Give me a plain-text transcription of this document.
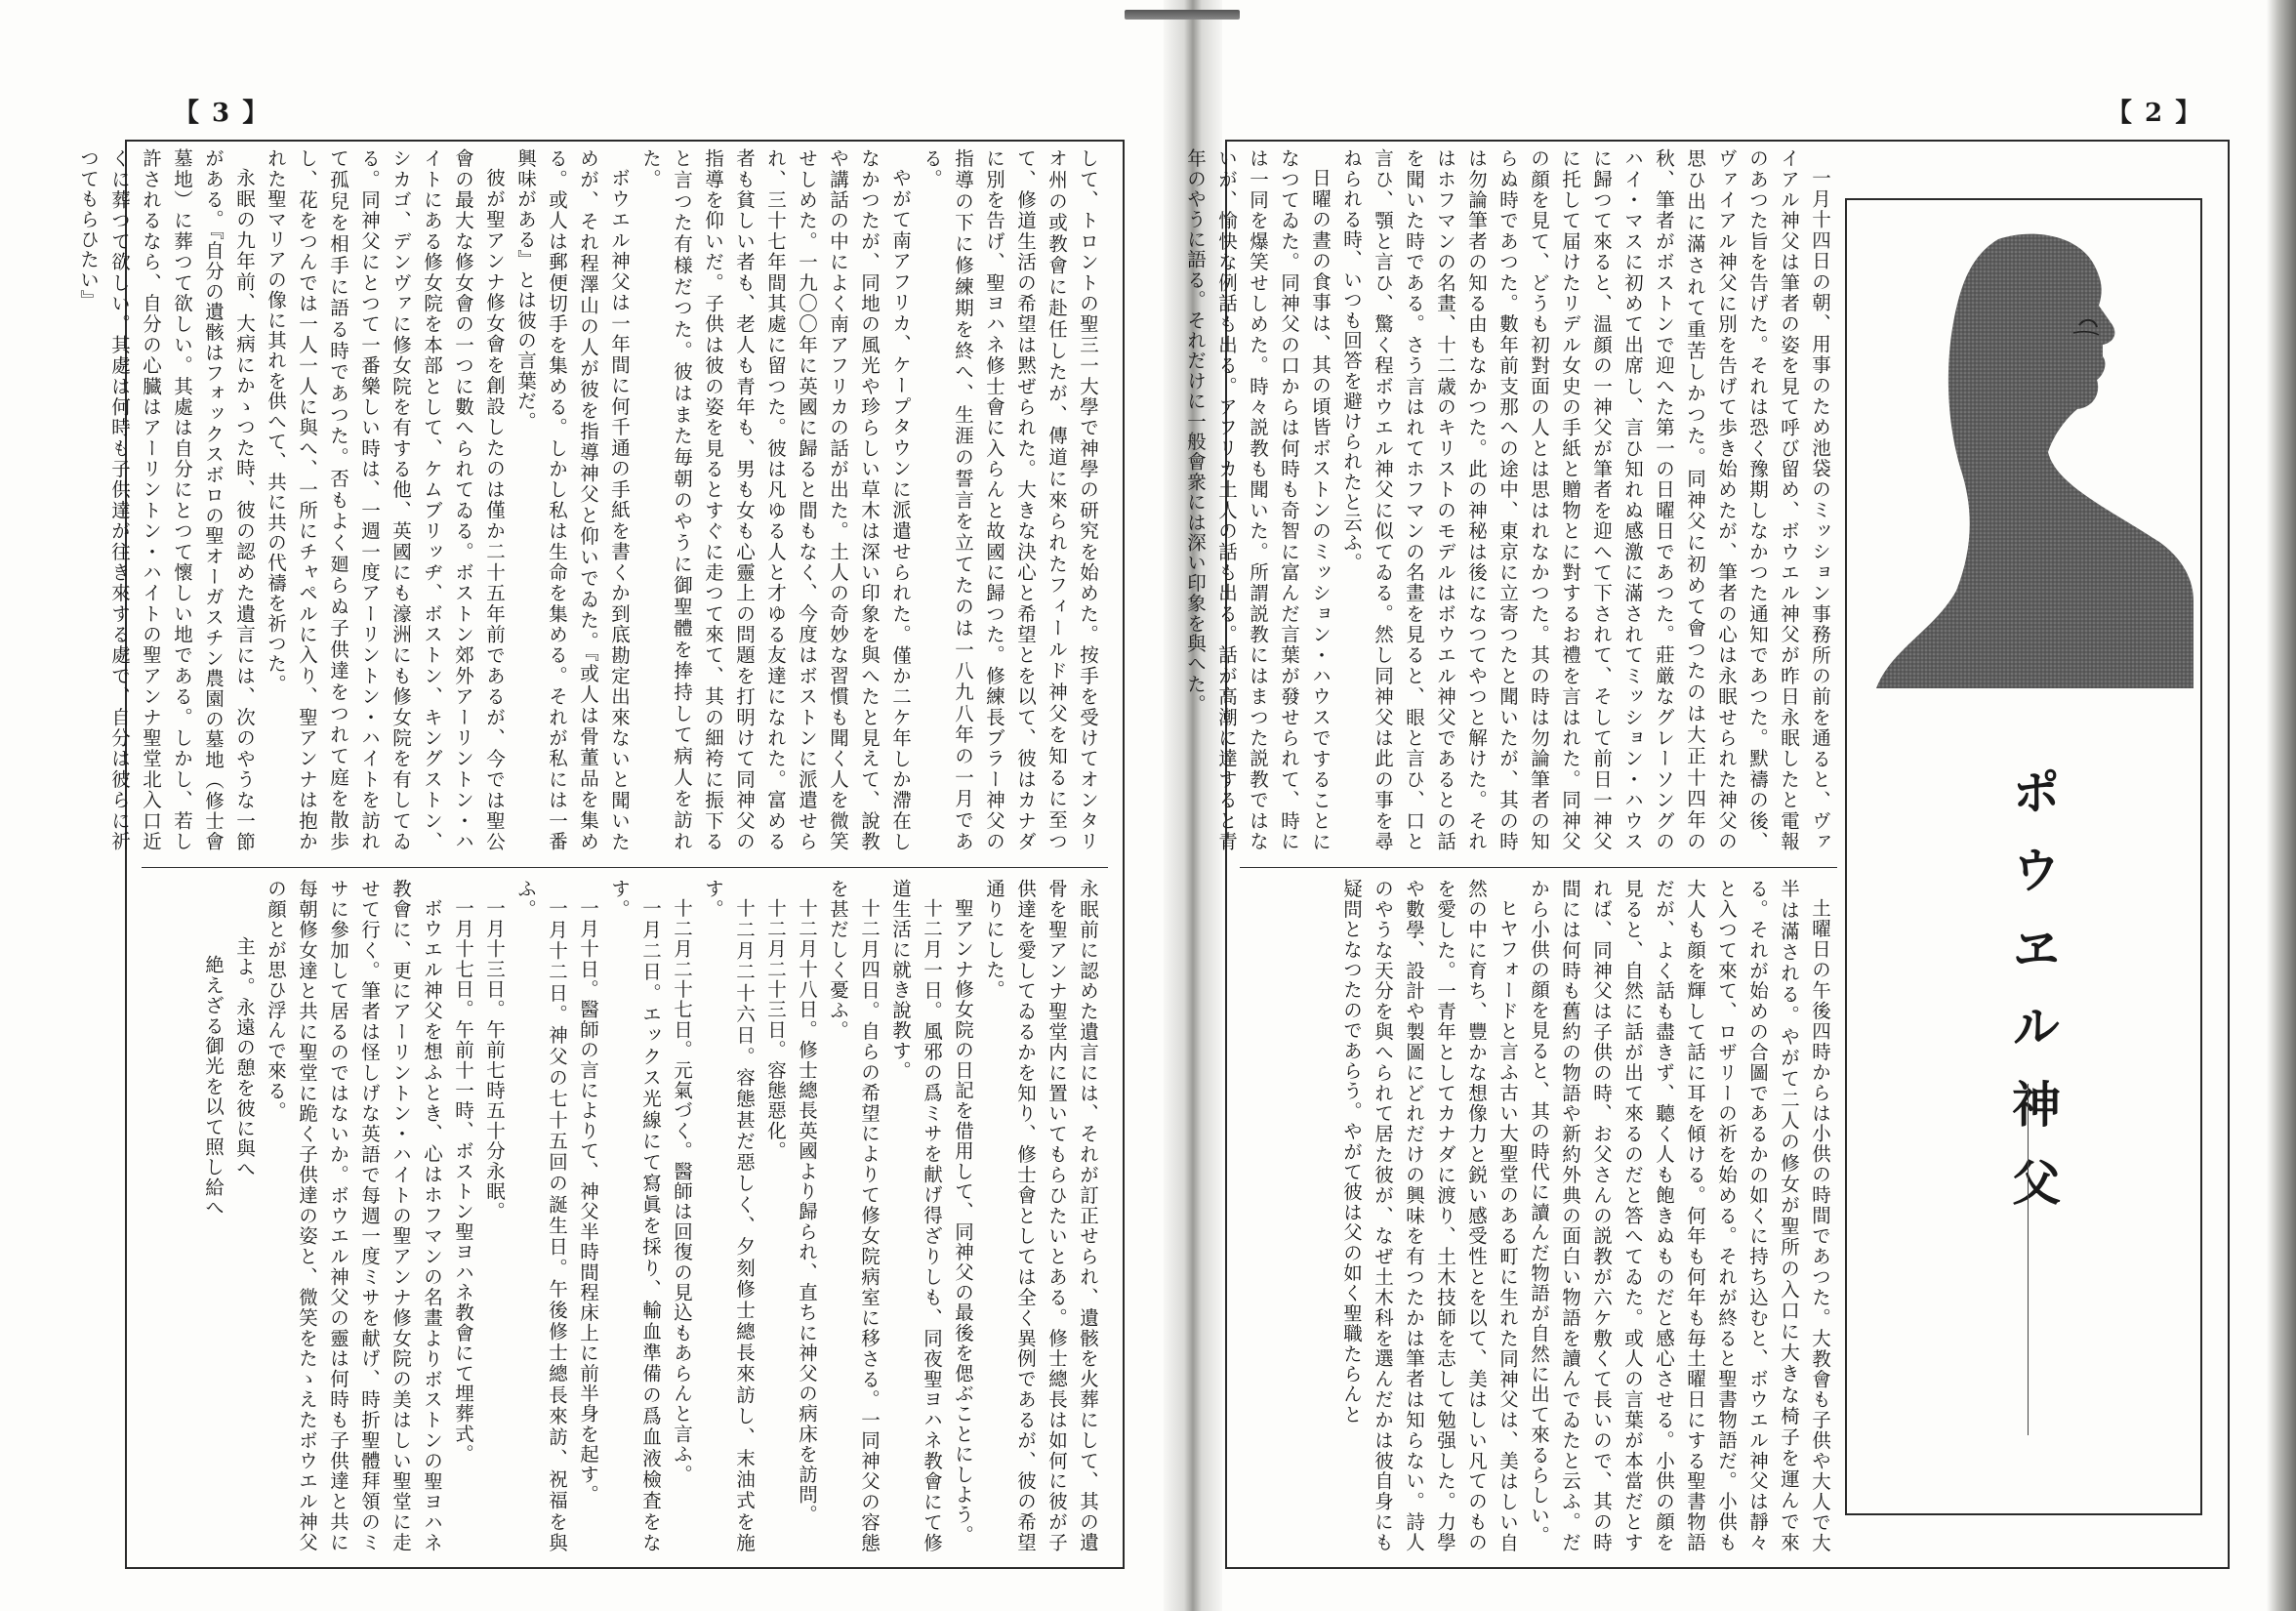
【 3 】

して、トロントの聖三一大學で神學の研究を始めた。按手を受けてオンタリオ州の或教會に赴任したが、傳道に來られたフィールド神父を知るに至つて、修道生活の希望は黙ぜられた。大きな決心と希望とを以て、彼はカナダに別を告げ、聖ヨハネ修士會に入らんと故國に歸つた。修練長ブラー神父の指導の下に修練期を終へ、生涯の誓言を立てたのは一八九八年の一月である。

やがて南アフリカ、ケープタウンに派遣せられた。僅か二ケ年しか滯在しなかつたが、同地の風光や珍らしい草木は深い印象を與へたと見えて、說教や講話の中によく南アフリカの話が出た。土人の奇妙な習慣も聞く人を微笑せしめた。一九〇〇年に英國に歸ると間もなく、今度はボストンに派遣せられ、三十七年間其處に留つた。彼は凡ゆる人と才ゆる友達になれた。富める者も貧しい者も、老人も青年も、男も女も心靈上の問題を打明けて同神父の指導を仰いだ。子供は彼の姿を見るとすぐに走つて來て、其の細袴に振下ると言つた有様だつた。彼はまた毎朝のやうに御聖體を捧持して病人を訪れた。

ボウエル神父は一年間に何千通の手紙を書くか到底勘定出來ないと聞いためが、それ程澤山の人が彼を指導神父と仰いでゐた。『或人は骨董品を集める。或人は郵便切手を集める。しかし私は生命を集める。それが私には一番興味がある』とは彼の言葉だ。

彼が聖アンナ修女會を創設したのは僅か二十五年前であるが、今では聖公會の最大な修女會の一つに數へられてゐる。ボストン郊外アーリントン・ハイトにある修女院を本部として、ケムブリッヂ、ボストン、キングストン、シカゴ、デンヴァに修女院を有する他、英國にも濠洲にも修女院を有してゐる。同神父にとつて一番樂しい時は、一週一度アーリントン・ハイトを訪れて孤兒を相手に語る時であつた。否もよく廻らぬ子供達をつれて庭を散歩し、花をつんでは一人一人に與へ、一所にチャペルに入り、聖アンナは抱かれた聖マリアの像に其れを供へて、共に共の代禱を祈つた。

永眠の九年前、大病にかゝつた時、彼の認めた遺言には、次のやうな一節がある。『自分の遺骸はフォックスボロの聖オーガスチン農園の墓地（修士會墓地）に葬つて欲しい。其處は自分にとつて懷しい地である。しかし、若し許されるなら、自分の心臓はアーリントン・ハイトの聖アンナ聖堂北入口近くに葬つて欲しい。其處は何時も子供達が往き來する處で、自分は彼らに祈つてもらひたい』

永眠前に認めた遺言には、それが訂正せられ、遺骸を火葬にして、其の遺骨を聖アンナ聖堂内に置いてもらひたいとある。修士總長は如何に彼が子供達を愛してゐるかを知り、修士會としては全く異例であるが、彼の希望通りにした。

聖アンナ修女院の日記を借用して、同神父の最後を偲ぶことにしよう。

十二月一日。風邪の爲ミサを献げ得ざりしも、同夜聖ヨハネ教會にて修道生活に就き說教す。

十二月四日。自らの希望によりて修女院病室に移さる。一同神父の容態を甚だしく憂ふ。

十二月十八日。修士總長英國より歸られ、直ちに神父の病床を訪問。

十二月二十三日。容態惡化。

十二月二十六日。容態甚だ惡しく、夕刻修士總長來訪し、末油式を施す。

十二月二十七日。元氣づく。醫師は回復の見込もあらんと言ふ。

一月二日。エックス光線にて寫眞を採り、輸血準備の爲血液檢査をなす。

一月十日。醫師の言によりて、神父半時間程床上に前半身を起す。

一月十二日。神父の七十五回の誕生日。午後修士總長來訪、祝福を與ふ。

一月十三日。午前七時五十分永眠。

一月十七日。午前十一時、ボストン聖ヨハネ教會にて埋葬式。

ボウエル神父を想ふとき、心はホフマンの名畫よりボストンの聖ヨハネ教會に、更にアーリントン・ハイトの聖アンナ修女院の美はしい聖堂に走せて行く。筆者は怪しげな英語で每週一度ミサを献げ、時折聖體拜領のミサに參加して居るのではないか。ボウエル神父の靈は何時も子供達と共に每朝修女達と共に聖堂に跪く子供達の姿と、微笑をたゝえたボウエル神父の顔とが思ひ浮んで來る。

主よ。永遠の憩を彼に與へ

絶えざる御光を以て照し給へ

【 2 】

一月十四日の朝、用事のため池袋のミッション事務所の前を通ると、ヴァイアル神父は筆者の姿を見て呼び留め、ボウエル神父が昨日永眠したと電報のあつた旨を告げた。それは恐く豫期しなかつた通知であつた。默禱の後、ヴァイアル神父に別を告げて歩き始めたが、筆者の心は永眠せられた神父の思ひ出に滿されて重苦しかつた。同神父に初めて會つたのは大正十四年の秋、筆者がボストンで迎へた第一の日曜日であつた。莊厳なグレーソングのハイ・マスに初めて出席し、言ひ知れぬ感激に滿されてミッション・ハウスに歸つて來ると、温顔の一神父が筆者を迎へて下されて、そして前日一神父に托して届けたリデル女史の手紙と贈物とに對するお禮を言はれた。同神父の顔を見て、どうも初對面の人とは思はれなかつた。其の時は勿論筆者の知らぬ時であつた。數年前支那への途中、東京に立寄つたと聞いたが、其の時は勿論筆者の知る由もなかつた。此の神秘は後になつてやつと解けた。それはホフマンの名畫、十二歳のキリストのモデルはボウエル神父であるとの話を聞いた時である。さう言はれてホフマンの名畫を見ると、眼と言ひ、口と言ひ、顎と言ひ、驚く程ボウエル神父に似てゐる。然し同神父は此の事を尋ねられる時、いつも回答を避けられたと云ふ。

日曜の晝の食事は、其の頃皆ボストンのミッション・ハウスですることになつてゐた。同神父の口からは何時も奇智に富んだ言葉が發せられて、時には一同を爆笑せしめた。時々説教も聞いた。所謂説教にはまつた説教ではないが、愉快な例話も出る。アフリカ土人の話も出る。話が高潮に達すると青年のやうに語る。それだけに一般會衆には深い印象を與へた。

ポウヱル神父

土曜日の午後四時からは小供の時間であつた。大教會も子供や大人で大半は滿される。やがて二人の修女が聖所の入口に大きな椅子を運んで來る。それが始めの合圖であるかの如くに持ち込むと、ボウエル神父は靜々と入つて來て、ロザリーの祈を始める。それが終ると聖書物語だ。小供も大人も顔を輝して話に耳を傾ける。何年も何年も毎土曜日にする聖書物語だが、よく話も盡きず、聽く人も飽きぬものだと感心させる。小供の顔を見ると、自然に話が出て來るのだと答へてゐた。或人の言葉が本當だとすれば、同神父は子供の時、お父さんの説教が六ケ敷くて長いので、其の時間には何時も舊約の物語や新約外典の面白い物語を讀んでゐたと云ふ。だから小供の顔を見ると、其の時代に讀んだ物語が自然に出て來るらしい。

ヒヤフォードと言ふ古い大聖堂のある町に生れた同神父は、美はしい自然の中に育ち、豐かな想像力と鋭い感受性とを以て、美はしい凡てのものを愛した。一青年としてカナダに渡り、土木技師を志して勉强した。力學や數學、設計や製圖にどれだけの興味を有つたかは筆者は知らない。詩人のやうな天分を與へられて居た彼が、なぜ土木科を選んだかは彼自身にも疑問となつたのであらう。やがて彼は父の如く聖職たらんと
